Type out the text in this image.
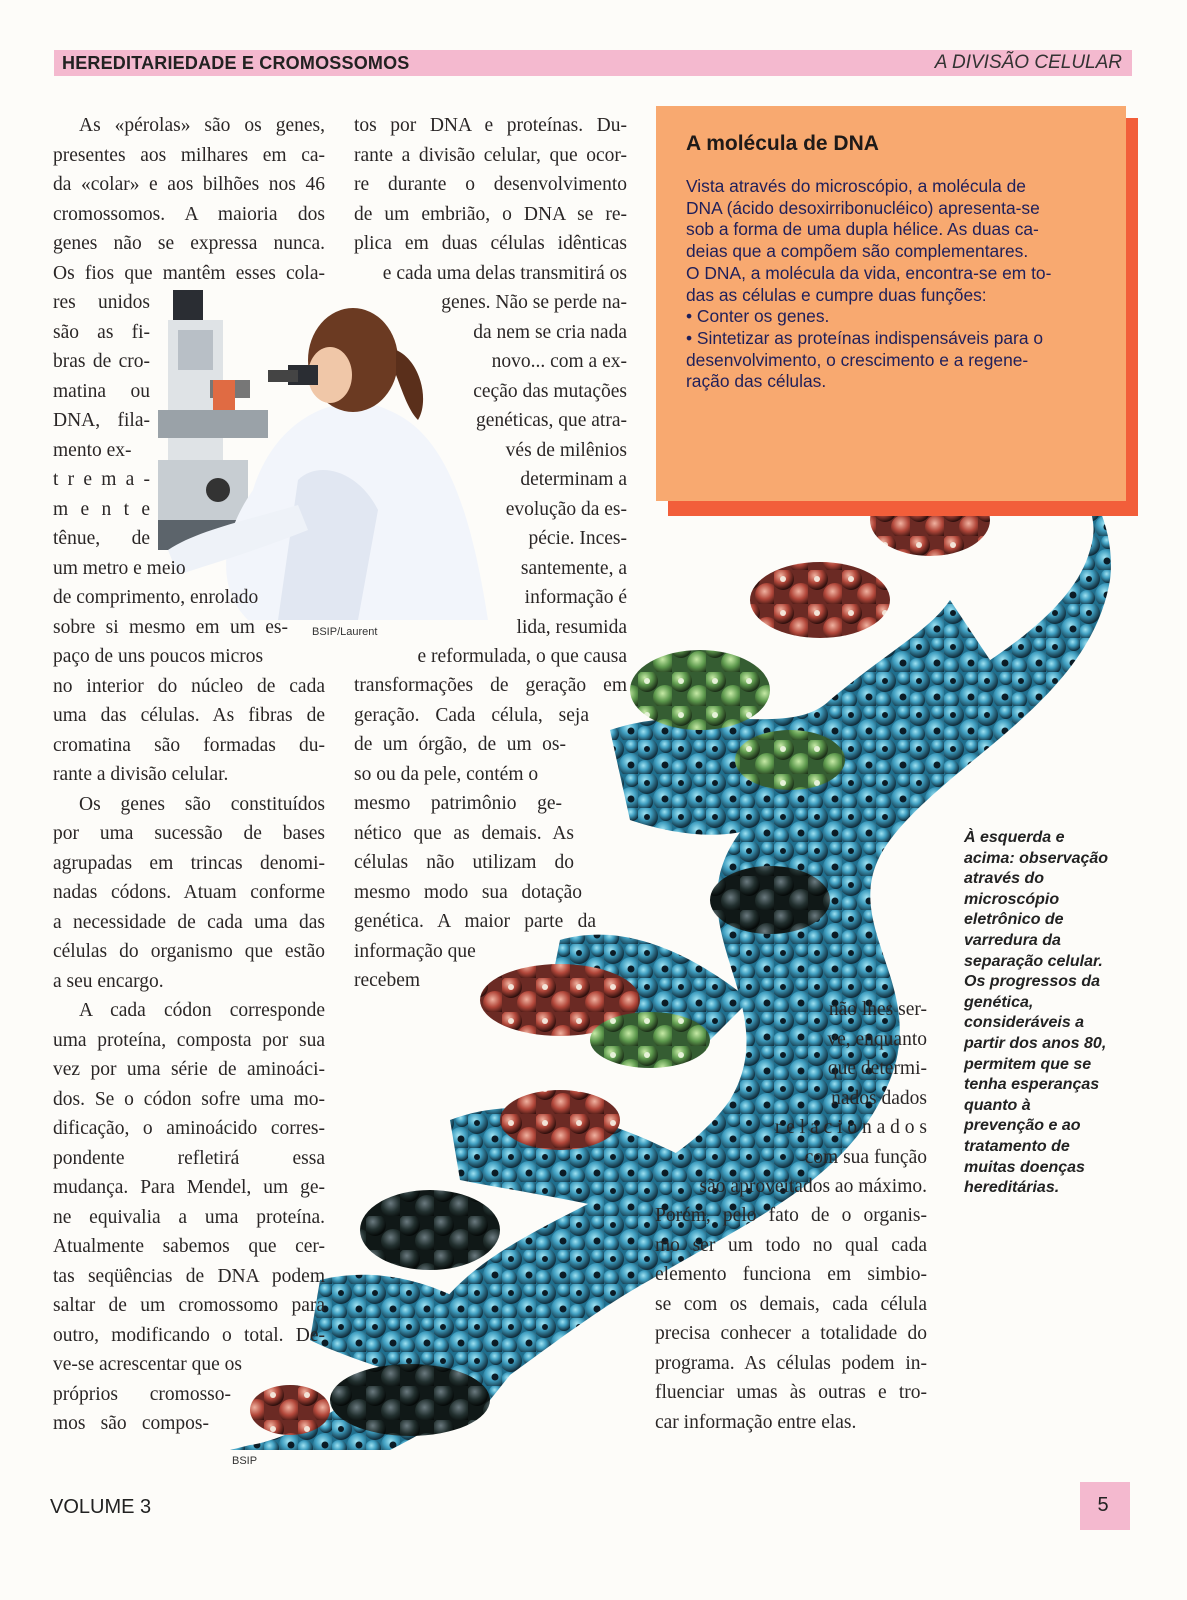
HEREDITARIEDADE E CROMOSSOMOS	A DIVISÃO CELULAR
A molécula de DNA
Vista através do microscópio, a molécula de
DNA (ácido desoxirribonucléico) apresenta-se
sob a forma de uma dupla hélice. As duas ca-
deias que a compõem são complementares.
O DNA, a molécula da vida, encontra-se em to-
das as células e cumpre duas funções:
• Conter os genes.
• Sintetizar as proteínas indispensáveis para o
desenvolvimento, o crescimento e a regene-
ração das células.
As «pérolas» são os genes,
presentes aos milhares em ca-
da «colar» e aos bilhões nos 46
cromossomos. A maioria dos
genes não se expressa nunca.
Os fios que mantêm esses cola-
res unidos
são as fi-
bras de cro-
matina ou
DNA, fila-
mento ex-
t r e m a -
m e n t e
tênue, de
um metro e meio
de comprimento, enrolado
sobre si mesmo em um es-
paço de uns poucos micros
no interior do núcleo de cada
uma das células. As fibras de
cromatina são formadas du-
rante a divisão celular.
Os genes são constituídos
por uma sucessão de bases
agrupadas em trincas denomi-
nadas códons. Atuam conforme
a necessidade de cada uma das
células do organismo que estão
a seu encargo.
A cada códon corresponde
uma proteína, composta por sua
vez por uma série de aminoáci-
dos. Se o códon sofre uma mo-
dificação, o aminoácido corres-
pondente refletirá essa
mudança. Para Mendel, um ge-
ne equivalia a uma proteína.
Atualmente sabemos que cer-
tas seqüências de DNA podem
saltar de um cromossomo para
outro, modificando o total. De-
ve-se acrescentar que os
próprios cromosso-
mos são compos-
tos por DNA e proteínas. Du-
rante a divisão celular, que ocor-
re durante o desenvolvimento
de um embrião, o DNA se re-
plica em duas células idênticas
e cada uma delas transmitirá os
genes. Não se perde na-
da nem se cria nada
novo... com a ex-
ceção das mutações
genéticas, que atra-
vés de milênios
determinam a
evolução da es-
pécie. Inces-
santemente, a
informação é
lida, resumida
e reformulada, o que causa
transformações de geração em
geração. Cada célula, seja
de um órgão, de um os-
so ou da pele, contém o
mesmo patrimônio ge-
nético que as demais. As
células não utilizam do
mesmo modo sua dotação
genética. A maior parte da
informação que
recebem
não lhes ser-
ve, enquanto
que determi-
nados dados
r e l a c i o n a d o s
com sua função
são aproveitados ao máximo.
Porém, pelo fato de o organis-
mo ser um todo no qual cada
elemento funciona em simbio-
se com os demais, cada célula
precisa conhecer a totalidade do
programa. As células podem in-
fluenciar umas às outras e tro-
car informação entre elas.
À esquerda e
acima: observação
através do
microscópio
eletrônico de
varredura da
separação celular.
Os progressos da
genética,
consideráveis a
partir dos anos 80,
permitem que se
tenha esperanças
quanto à
prevenção e ao
tratamento de
muitas doenças
hereditárias.
BSIP/Laurent
BSIP
VOLUME 3	5
